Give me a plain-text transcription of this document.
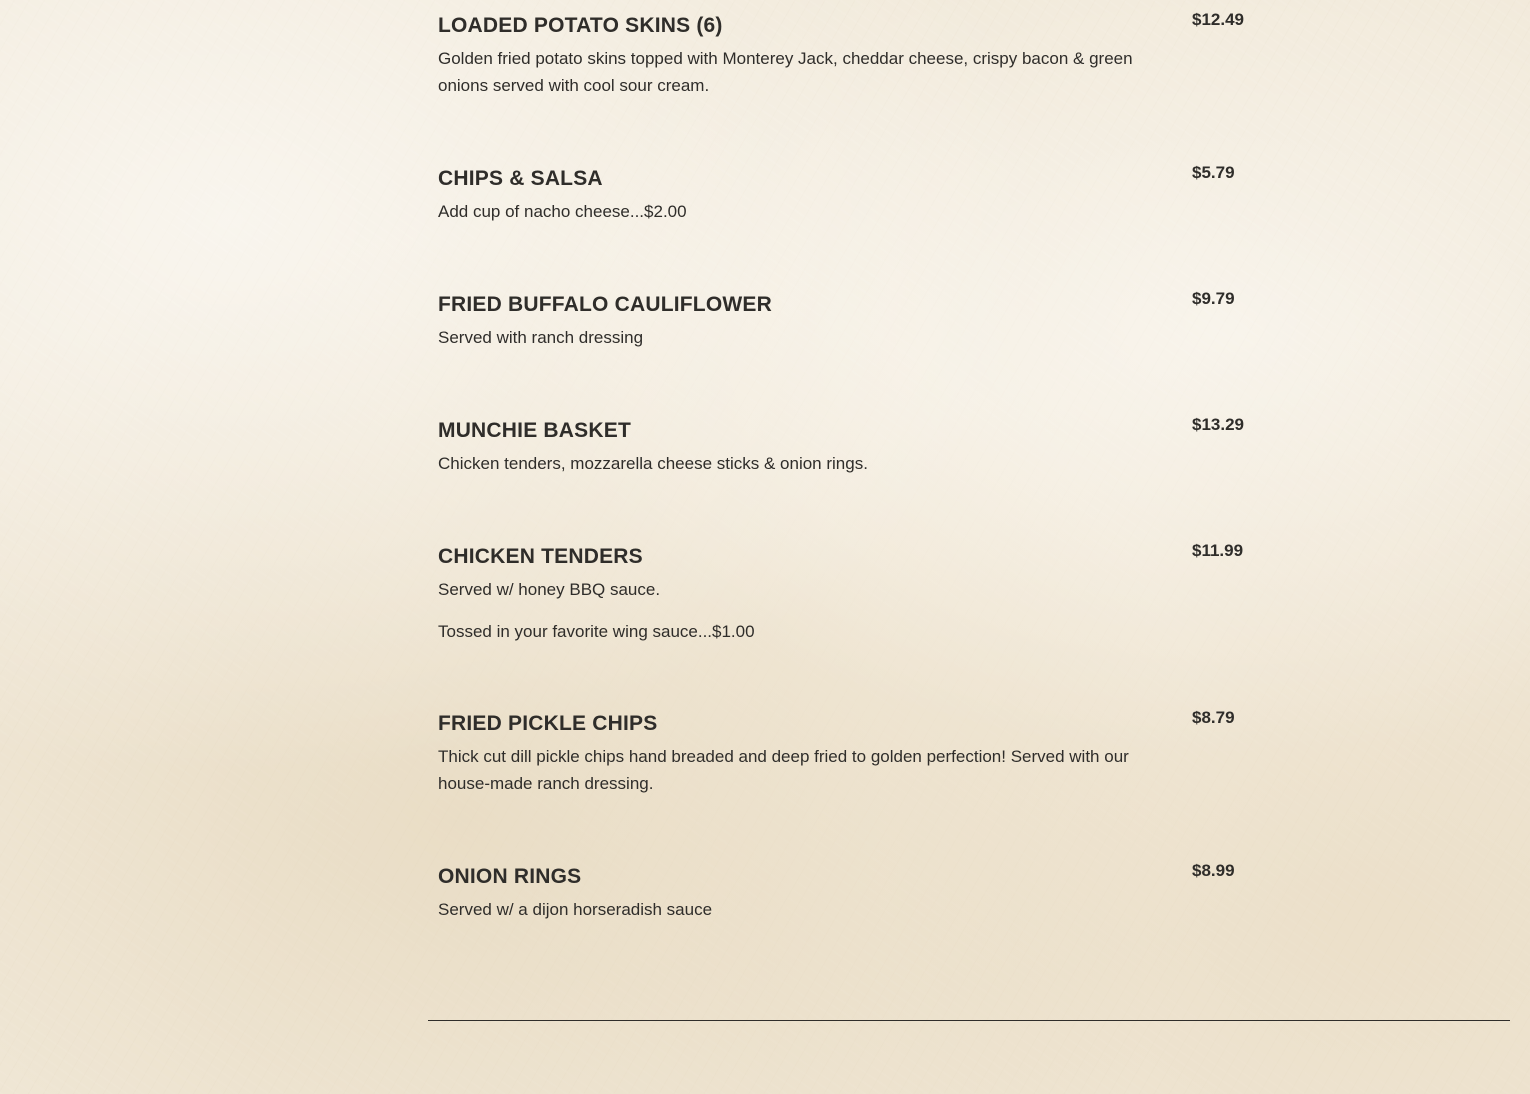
LOADED POTATO SKINS (6)	$12.49

Golden fried potato skins topped with Monterey Jack, cheddar cheese, crispy bacon & green onions served with cool sour cream.

CHIPS & SALSA	$5.79

Add cup of nacho cheese...$2.00

FRIED BUFFALO CAULIFLOWER	$9.79

Served with ranch dressing

MUNCHIE BASKET	$13.29

Chicken tenders, mozzarella cheese sticks & onion rings.

CHICKEN TENDERS	$11.99

Served w/ honey BBQ sauce.

Tossed in your favorite wing sauce...$1.00

FRIED PICKLE CHIPS	$8.79

Thick cut dill pickle chips hand breaded and deep fried to golden perfection! Served with our house-made ranch dressing.

ONION RINGS	$8.99

Served w/ a dijon horseradish sauce
